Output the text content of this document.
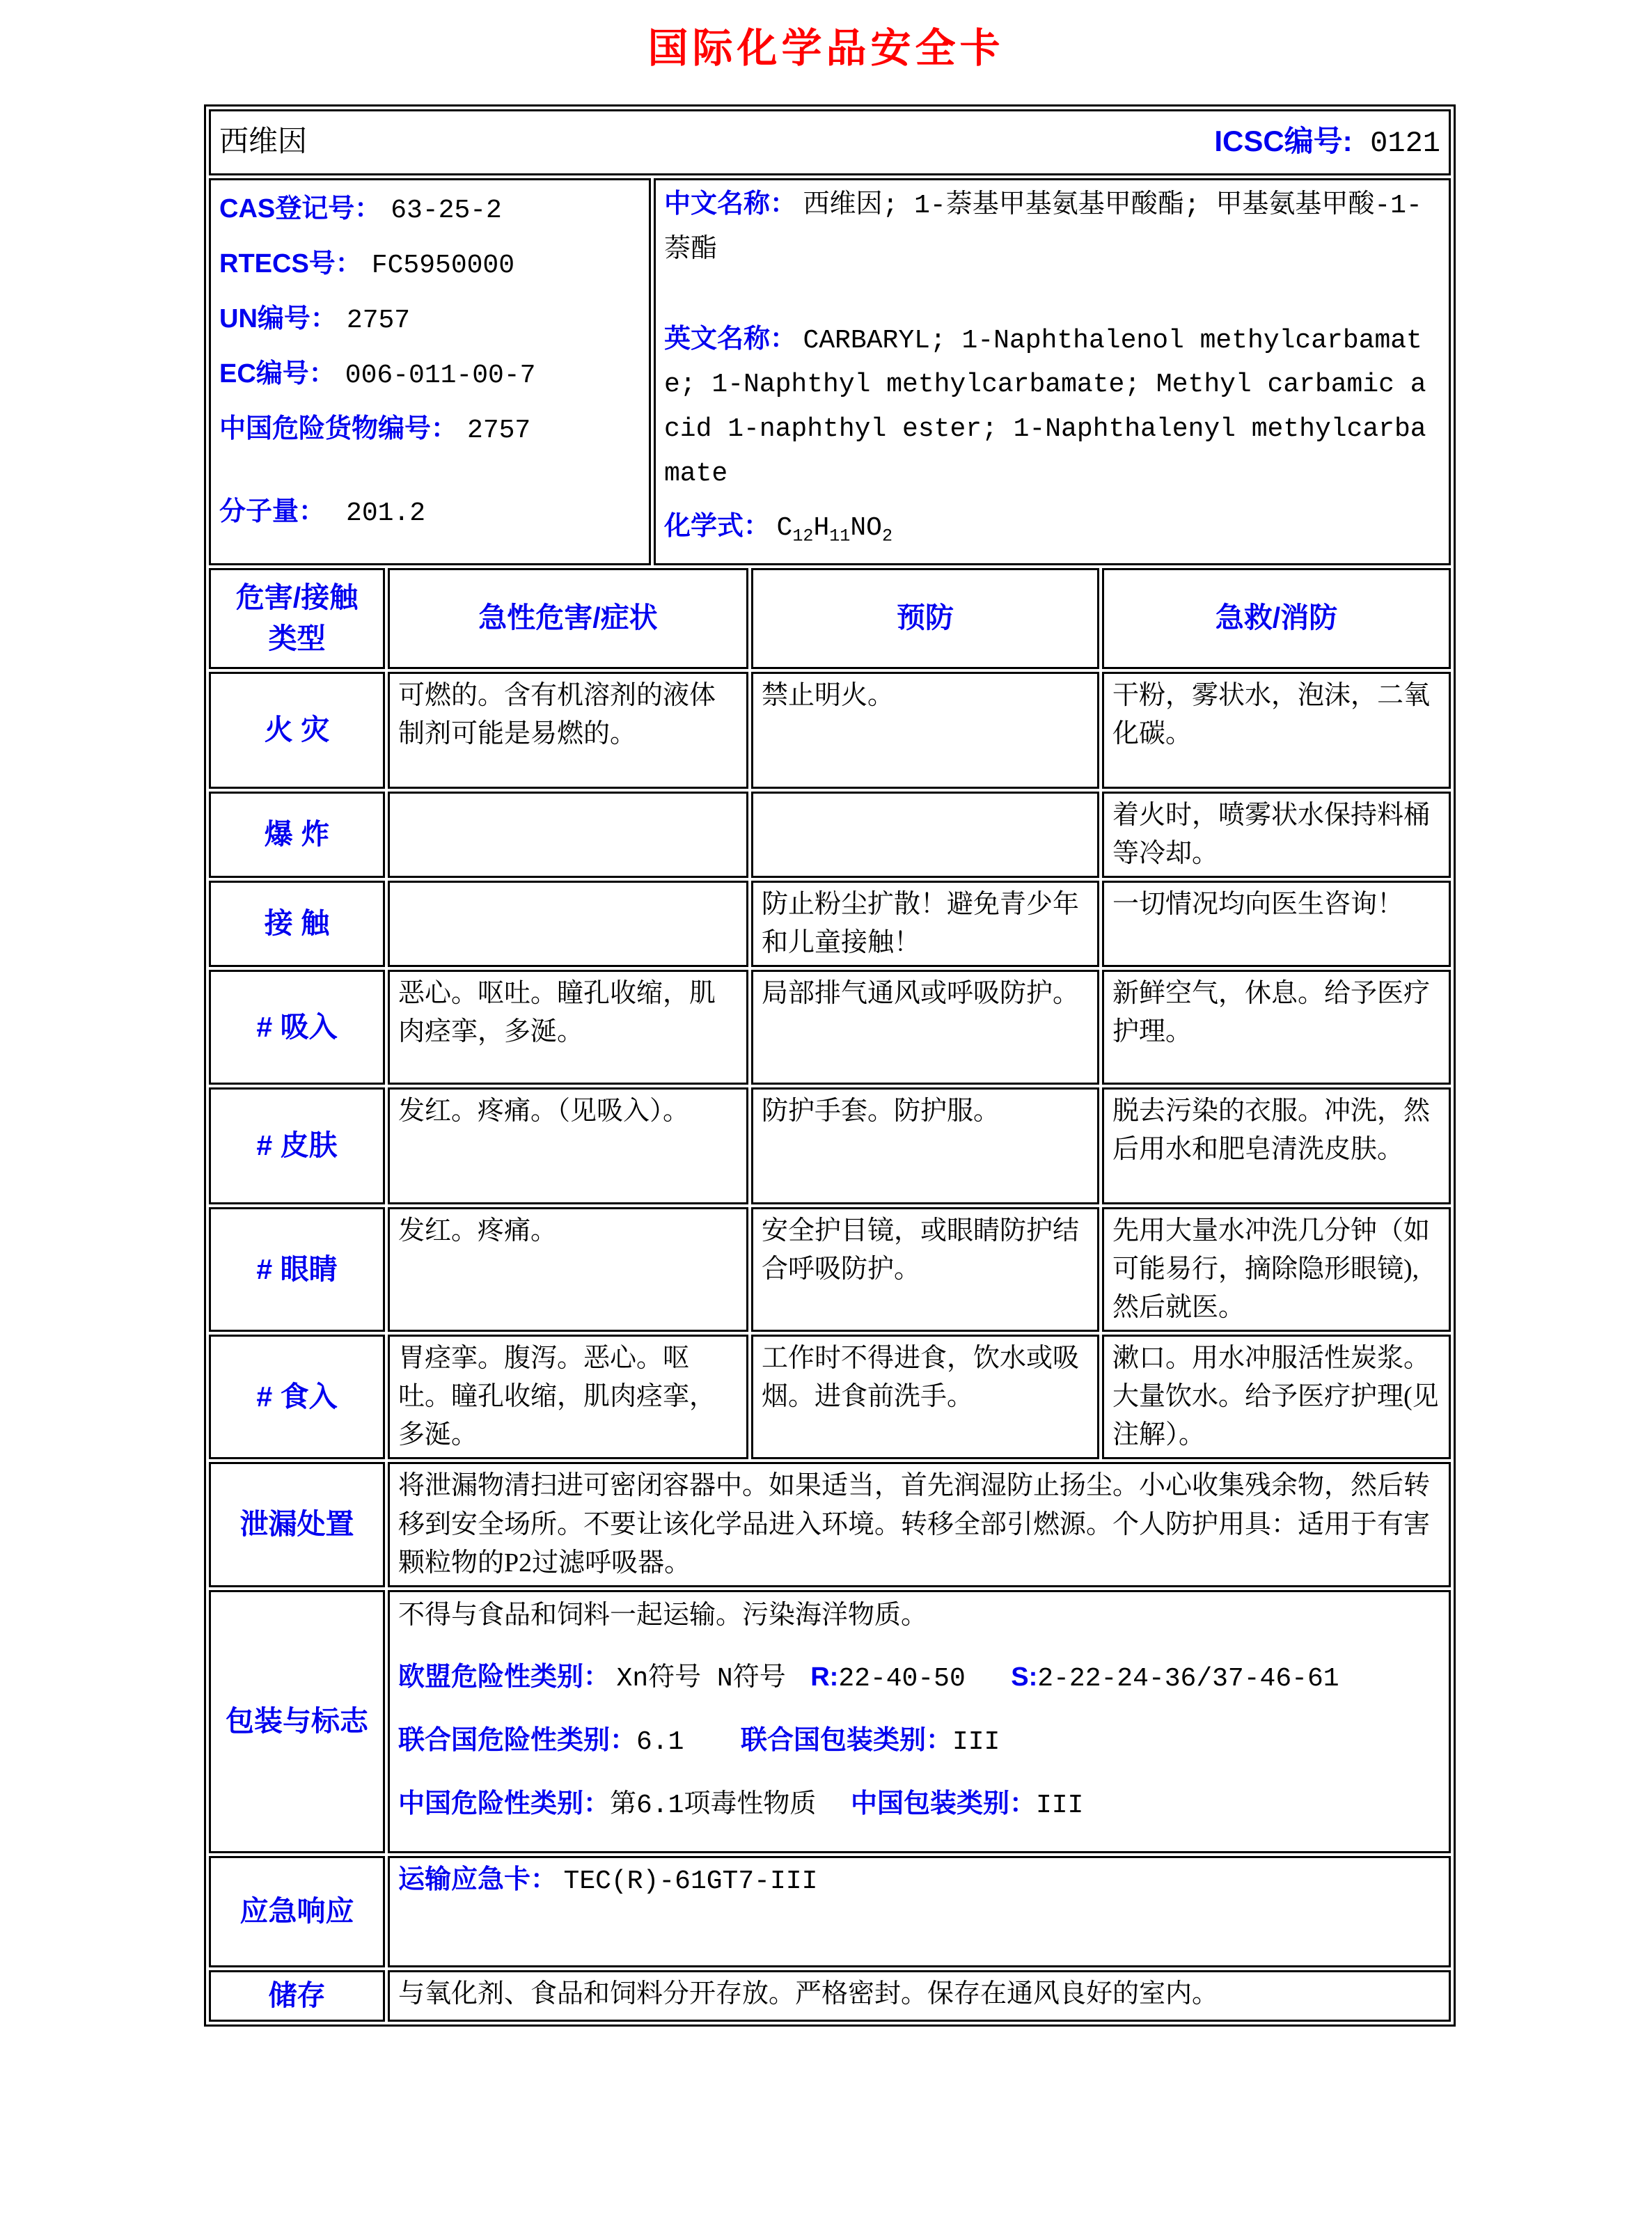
国际化学品安全卡
西维因 ICSC编号: 0121				

CAS登记号： 63-25-2
RTECS号： FC5950000
UN编号： 2757
EC编号： 006-011-00-7
中国危险货物编号： 2757
分子量： 201.2

中文名称： 西维因; 1-萘基甲基氨基甲酸酯; 甲基氨基甲酸-1-萘酯

英文名称： CARBARYL; 1-Naphthalenol methylcarbamate; 1-Naphthyl methylcarbamate; Methyl carbamic acid 1-naphthyl ester; 1-Naphthalenyl methylcarbamate

化学式： $C_{12}H_{11}NO_2$

危害/接触
类型	急性危害/症状		预防	急救/消防
火 灾	可燃的。含有机溶剂的液体制剂可能是易燃的。		禁止明火。	干粉，雾状水，泡沫，二氧化碳。
爆 炸				着火时，喷雾状水保持料桶等冷却。
接 触			防止粉尘扩散！避免青少年和儿童接触！	一切情况均向医生咨询！
# 吸入	恶心。呕吐。瞳孔收缩，肌肉痉挛，多涎。		局部排气通风或呼吸防护。	新鲜空气，休息。给予医疗护理。
# 皮肤	发红。疼痛。（见吸入）。		防护手套。防护服。	脱去污染的衣服。冲洗，然后用水和肥皂清洗皮肤。
# 眼睛	发红。疼痛。		安全护目镜，或眼睛防护结合呼吸防护。	先用大量水冲洗几分钟（如可能易行，摘除隐形眼镜),然后就医。
# 食入	胃痉挛。腹泻。恶心。呕吐。瞳孔收缩，肌肉痉挛，多涎。		工作时不得进食，饮水或吸烟。进食前洗手。	漱口。用水冲服活性炭浆。大量饮水。给予医疗护理(见注解）。
泄漏处置	将泄漏物清扫进可密闭容器中。如果适当，首先润湿防止扬尘。小心收集残余物，然后转移到安全场所。不要让该化学品进入环境。转移全部引燃源。个人防护用具：适用于有害颗粒物的P2过滤呼吸器。			
包装与标志	不得与食品和饲料一起运输。污染海洋物质。
欧盟危险性类别： Xn符号 N符号 R:22-40-50 S:2-22-24-36/37-46-61
联合国危险性类别：6.1 联合国包装类别：III
中国危险性类别：第6.1项毒性物质 中国包装类别：III			

应急响应	运输应急卡： TEC(R)-61GT7-III			
储存	与氧化剂、食品和饲料分开存放。严格密封。保存在通风良好的室内。			
